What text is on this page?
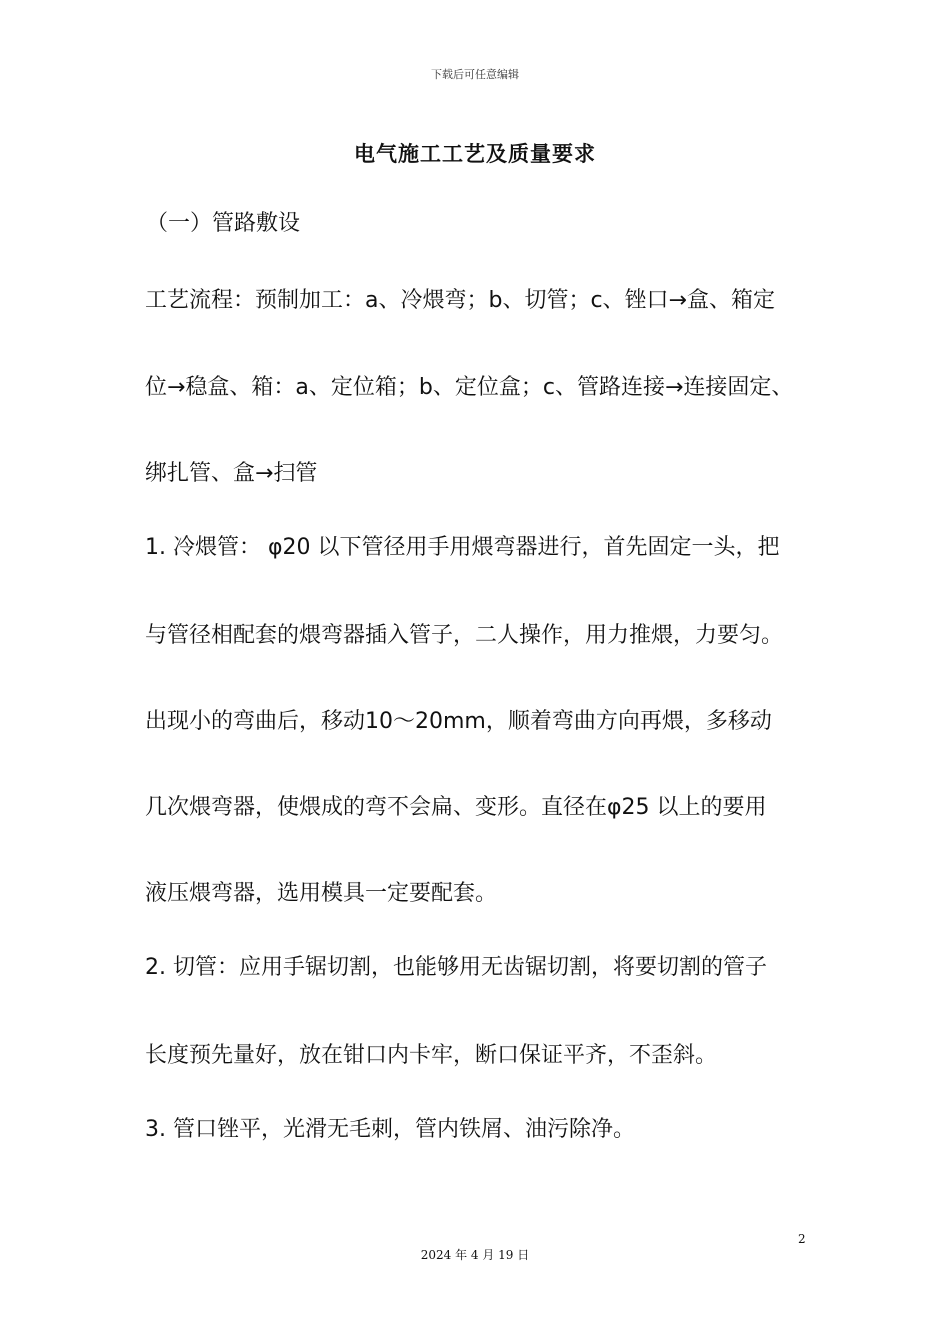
下载后可任意编辑
电气施工工艺及质量要求
（一）管路敷设
工艺流程：预制加工：a、冷煨弯；b、切管；c、锉口→盒、箱定
位→稳盒、箱：a、定位箱；b、定位盒；c、管路连接→连接固定、
绑扎管、盒→扫管
1. 冷煨管： φ20 以下管径用手用煨弯器进行，首先固定一头，把
与管径相配套的煨弯器插入管子，二人操作，用力推煨，力要匀。
出现小的弯曲后，移动10～20mm，顺着弯曲方向再煨，多移动
几次煨弯器，使煨成的弯不会扁、变形。直径在φ25 以上的要用
液压煨弯器，选用模具一定要配套。
2. 切管：应用手锯切割，也能够用无齿锯切割，将要切割的管子
长度预先量好，放在钳口内卡牢，断口保证平齐，不歪斜。
3. 管口锉平，光滑无毛刺，管内铁屑、油污除净。
2
2024 年 4 月 19 日
